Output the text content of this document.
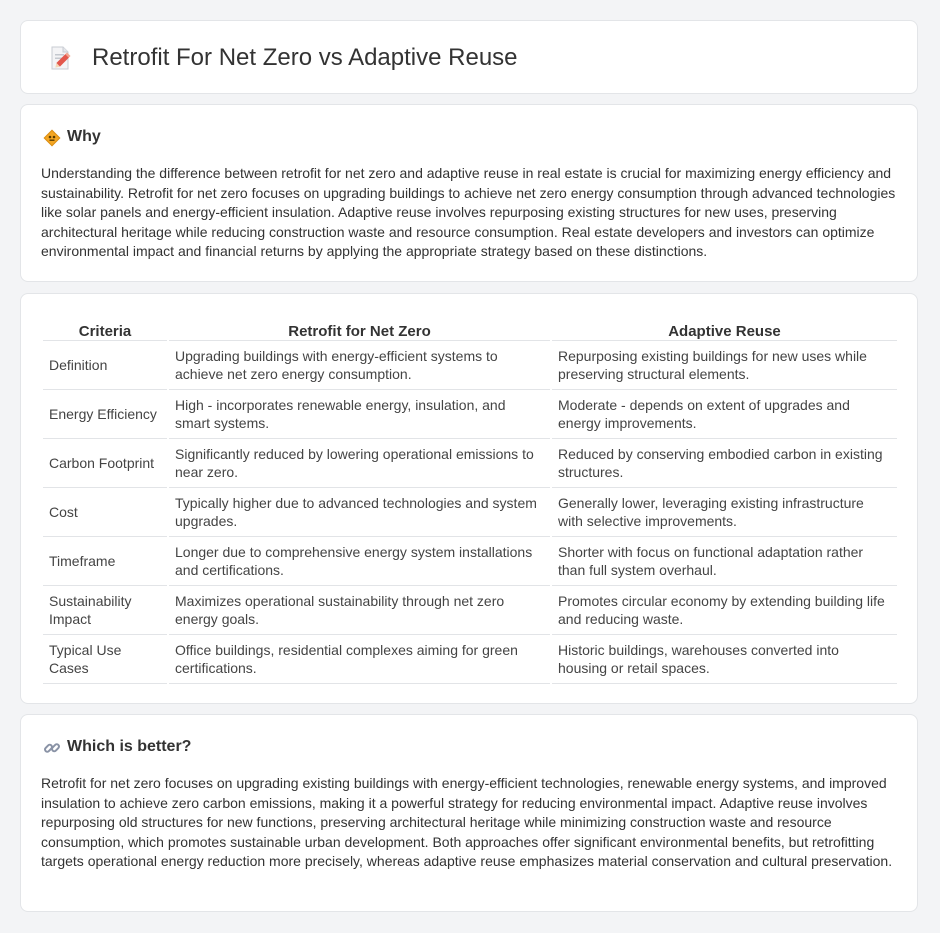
Retrofit For Net Zero vs Adaptive Reuse
Why

Understanding the difference between retrofit for net zero and adaptive reuse in real estate is crucial for maximizing energy efficiency and sustainability. Retrofit for net zero focuses on upgrading buildings to achieve net zero energy consumption through advanced technologies like solar panels and energy-efficient insulation. Adaptive reuse involves repurposing existing structures for new uses, preserving architectural heritage while reducing construction waste and resource consumption. Real estate developers and investors can optimize environmental impact and financial returns by applying the appropriate strategy based on these distinctions.

Criteria	Retrofit for Net Zero	Adaptive Reuse
Definition	Upgrading buildings with energy-efficient systems to achieve net zero energy consumption.	Repurposing existing buildings for new uses while preserving structural elements.
Energy Efficiency	High - incorporates renewable energy, insulation, and smart systems.	Moderate - depends on extent of upgrades and energy improvements.
Carbon Footprint	Significantly reduced by lowering operational emissions to near zero.	Reduced by conserving embodied carbon in existing structures.
Cost	Typically higher due to advanced technologies and system upgrades.	Generally lower, leveraging existing infrastructure with selective improvements.
Timeframe	Longer due to comprehensive energy system installations and certifications.	Shorter with focus on functional adaptation rather than full system overhaul.
Sustainability Impact	Maximizes operational sustainability through net zero energy goals.	Promotes circular economy by extending building life and reducing waste.
Typical Use Cases	Office buildings, residential complexes aiming for green certifications.	Historic buildings, warehouses converted into housing or retail spaces.
Which is better?

Retrofit for net zero focuses on upgrading existing buildings with energy-efficient technologies, renewable energy systems, and improved insulation to achieve zero carbon emissions, making it a powerful strategy for reducing environmental impact. Adaptive reuse involves repurposing old structures for new functions, preserving architectural heritage while minimizing construction waste and resource consumption, which promotes sustainable urban development. Both approaches offer significant environmental benefits, but retrofitting targets operational energy reduction more precisely, whereas adaptive reuse emphasizes material conservation and cultural preservation.
